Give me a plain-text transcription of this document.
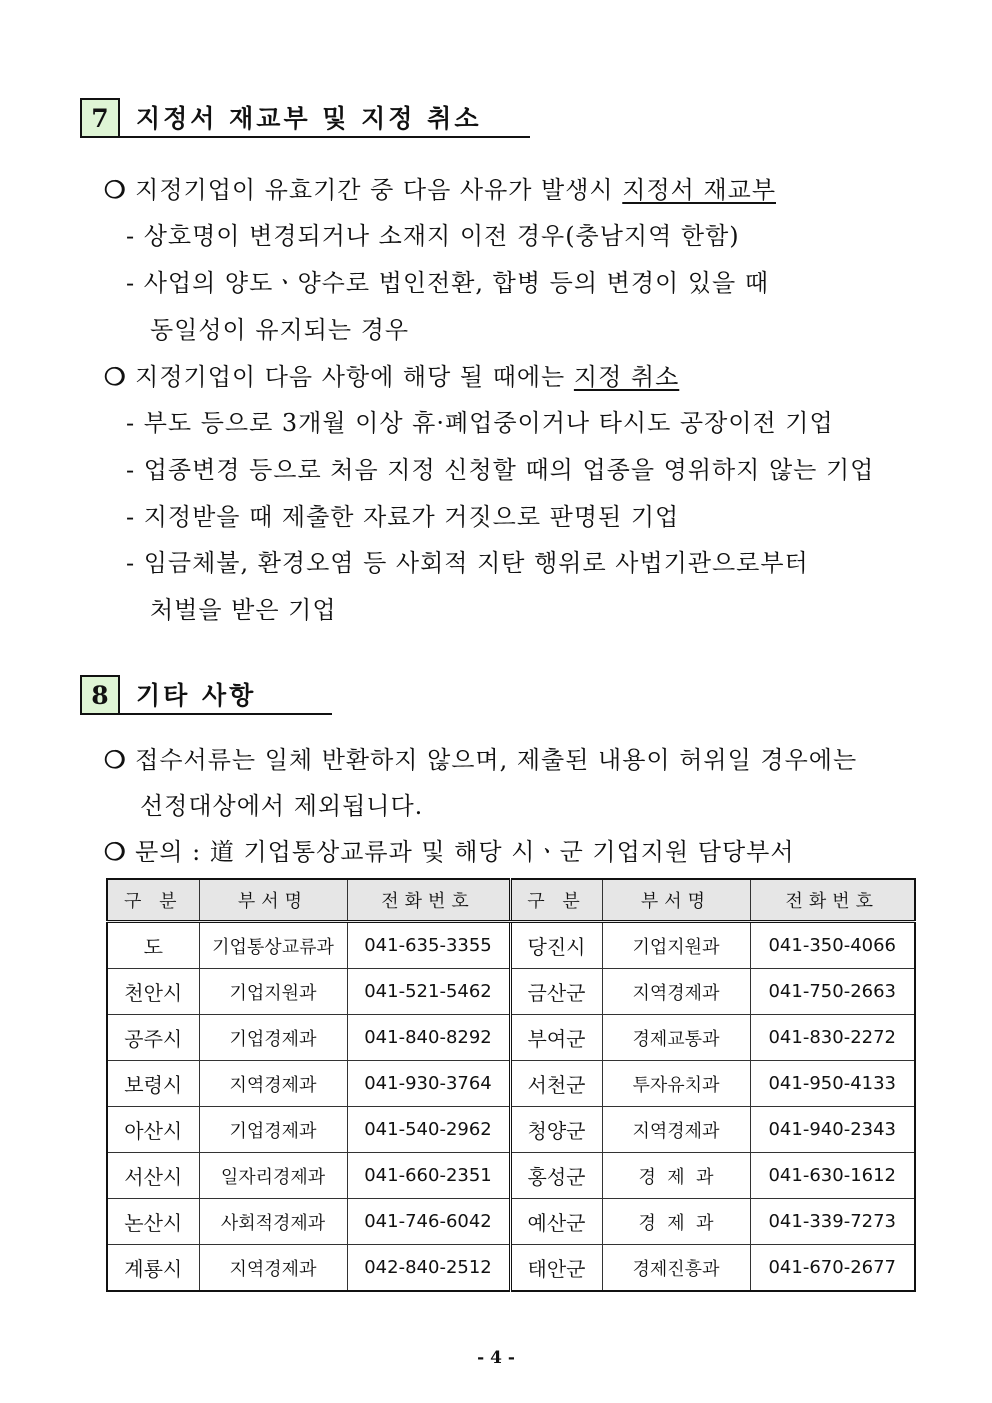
7	지정서 재교부 및 지정 취소
❍ 지정기업이 유효기간 중 다음 사유가 발생시 지정서 재교부
- 상호명이 변경되거나 소재지 이전 경우(충남지역 한함)
- 사업의 양도ㆍ양수로 법인전환, 합병 등의 변경이 있을 때
동일성이 유지되는 경우
❍ 지정기업이 다음 사항에 해당 될 때에는 지정 취소
- 부도 등으로 3개월 이상 휴·폐업중이거나 타시도 공장이전 기업
- 업종변경 등으로 처음 지정 신청할 때의 업종을 영위하지 않는 기업
- 지정받을 때 제출한 자료가 거짓으로 판명된 기업
- 임금체불, 환경오염 등 사회적 지탄 행위로 사법기관으로부터
처벌을 받은 기업
8	기타 사항
❍ 접수서류는 일체 반환하지 않으며, 제출된 내용이 허위일 경우에는
선정대상에서 제외됩니다.
❍ 문의 : 道 기업통상교류과 및 해당 시ㆍ군 기업지원 담당부서
구 분	부서명	전화번호	구 분	부서명	전화번호
도	기업통상교류과	041-635-3355	당진시	기업지원과	041-350-4066
천안시	기업지원과	041-521-5462	금산군	지역경제과	041-750-2663
공주시	기업경제과	041-840-8292	부여군	경제교통과	041-830-2272
보령시	지역경제과	041-930-3764	서천군	투자유치과	041-950-4133
아산시	기업경제과	041-540-2962	청양군	지역경제과	041-940-2343
서산시	일자리경제과	041-660-2351	홍성군	경  제  과	041-630-1612
논산시	사회적경제과	041-746-6042	예산군	경  제  과	041-339-7273
계룡시	지역경제과	042-840-2512	태안군	경제진흥과	041-670-2677
- 4 -
